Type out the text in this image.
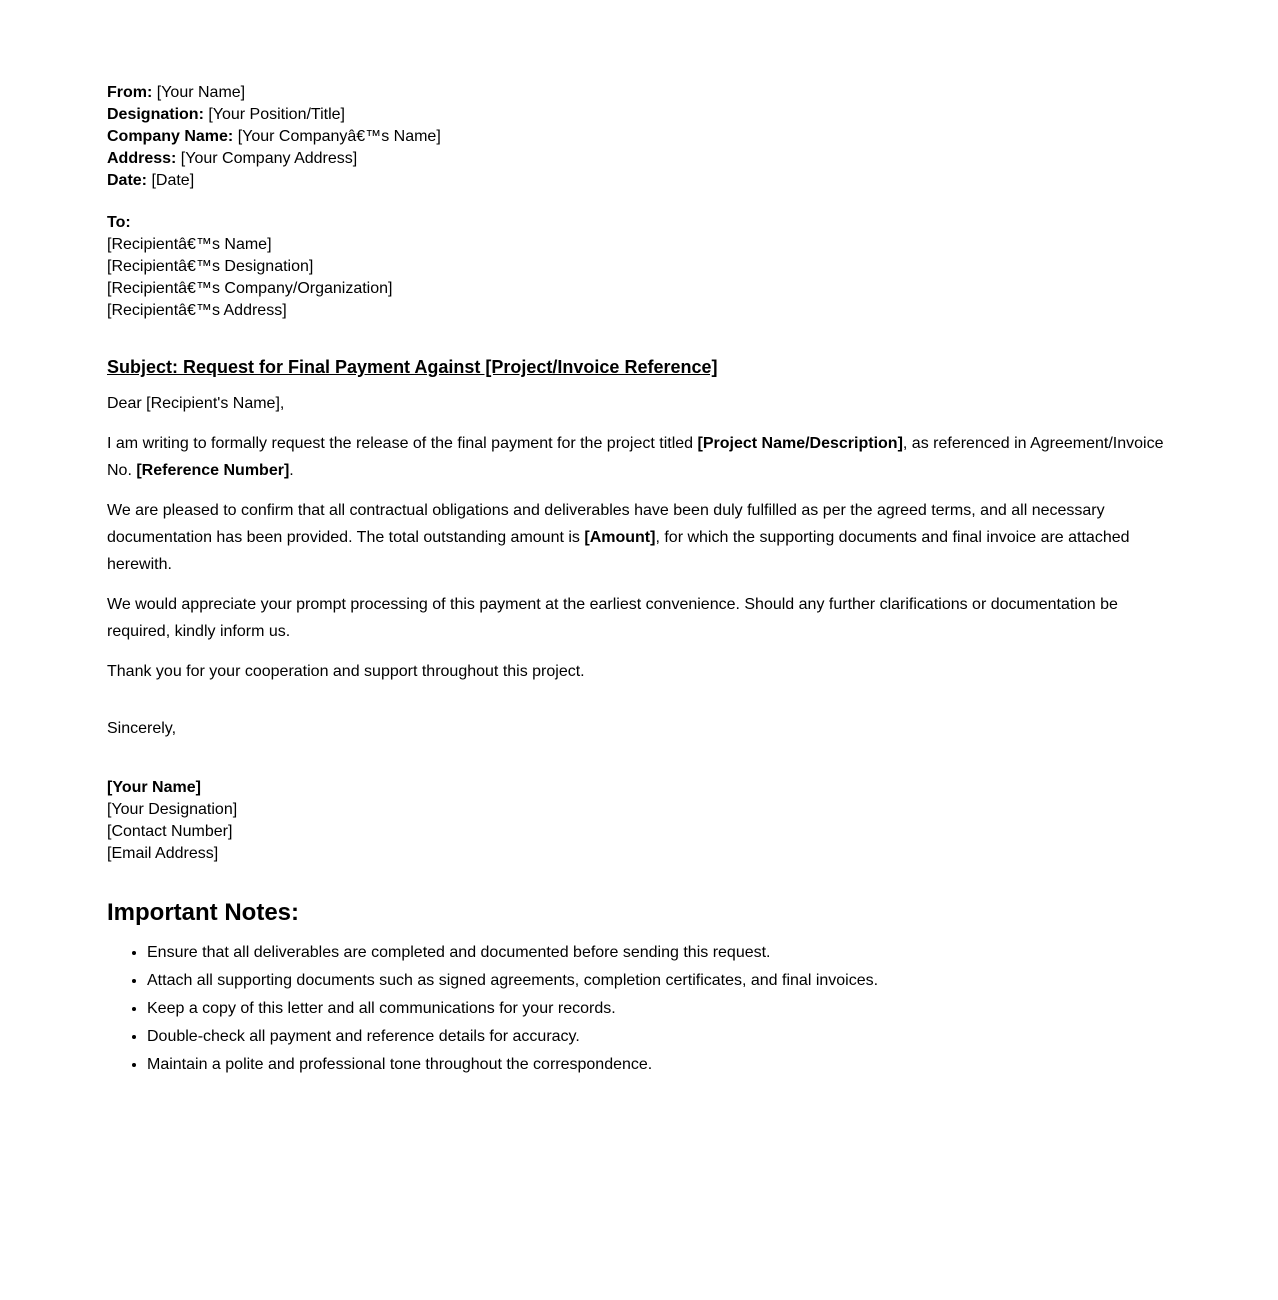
From: [Your Name]
Designation: [Your Position/Title]
Company Name: [Your Companyâ€™s Name]
Address: [Your Company Address]
Date: [Date]

To:
[Recipientâ€™s Name]
[Recipientâ€™s Designation]
[Recipientâ€™s Company/Organization]
[Recipientâ€™s Address]

Subject: Request for Final Payment Against [Project/Invoice Reference]

Dear [Recipient's Name],

I am writing to formally request the release of the final payment for the project titled [Project Name/Description], as referenced in Agreement/Invoice No. [Reference Number].

We are pleased to confirm that all contractual obligations and deliverables have been duly fulfilled as per the agreed terms, and all necessary documentation has been provided. The total outstanding amount is [Amount], for which the supporting documents and final invoice are attached herewith.

We would appreciate your prompt processing of this payment at the earliest convenience. Should any further clarifications or documentation be required, kindly inform us.

Thank you for your cooperation and support throughout this project.

Sincerely,

[Your Name]
[Your Designation]
[Contact Number]
[Email Address]

Important Notes:
• Ensure that all deliverables are completed and documented before sending this request.
• Attach all supporting documents such as signed agreements, completion certificates, and final invoices.
• Keep a copy of this letter and all communications for your records.
• Double-check all payment and reference details for accuracy.
• Maintain a polite and professional tone throughout the correspondence.
